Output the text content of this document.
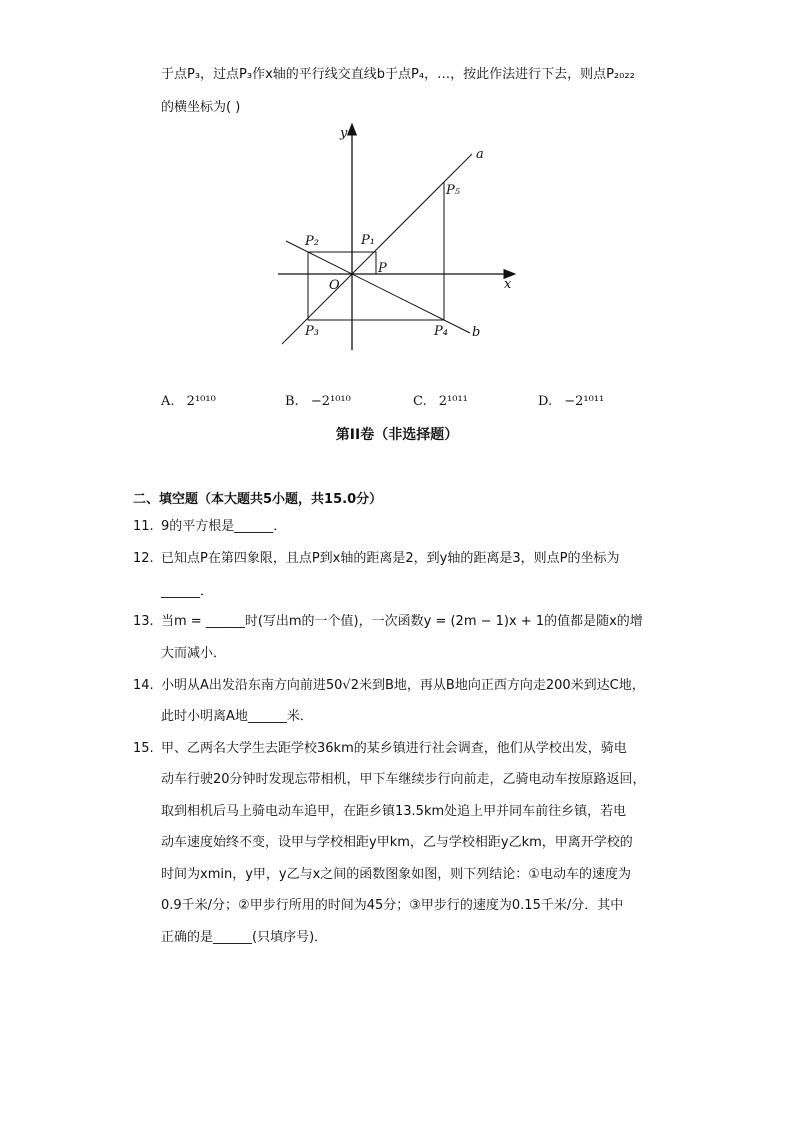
于点P₃，过点P₃作x轴的平行线交直线b于点P₄，…，按此作法进行下去，则点P₂₀₂₂
的横坐标为( )
y
x
O
a
b
P
P₁
P₂
P₃	P₄
P₅
A. 2¹⁰¹⁰	B. −2¹⁰¹⁰	C. 2¹⁰¹¹	D. −2¹⁰¹¹
第II卷（非选择题）
二、填空题（本大题共5小题，共15.0分）
11. 9的平方根是______．
12. 已知点P在第四象限，且点P到x轴的距离是2，到y轴的距离是3，则点P的坐标为
______．
13. 当m = ______时(写出m的一个值)，一次函数y = (2m − 1)x + 1的值都是随x的增
大而减小．
14. 小明从A出发沿东南方向前进50√2米到B地，再从B地向正西方向走200米到达C地，
此时小明离A地______米．
15. 甲、乙两名大学生去距学校36km的某乡镇进行社会调查，他们从学校出发，骑电
动车行驶20分钟时发现忘带相机，甲下车继续步行向前走，乙骑电动车按原路返回，
取到相机后马上骑电动车追甲，在距乡镇13.5km处追上甲并同车前往乡镇，若电
动车速度始终不变，设甲与学校相距y甲km，乙与学校相距y乙km，甲离开学校的
时间为xmin，y甲，y乙与x之间的函数图象如图，则下列结论：①电动车的速度为
0.9千米/分；②甲步行所用的时间为45分；③甲步行的速度为0.15千米/分．其中
正确的是______(只填序号)．
